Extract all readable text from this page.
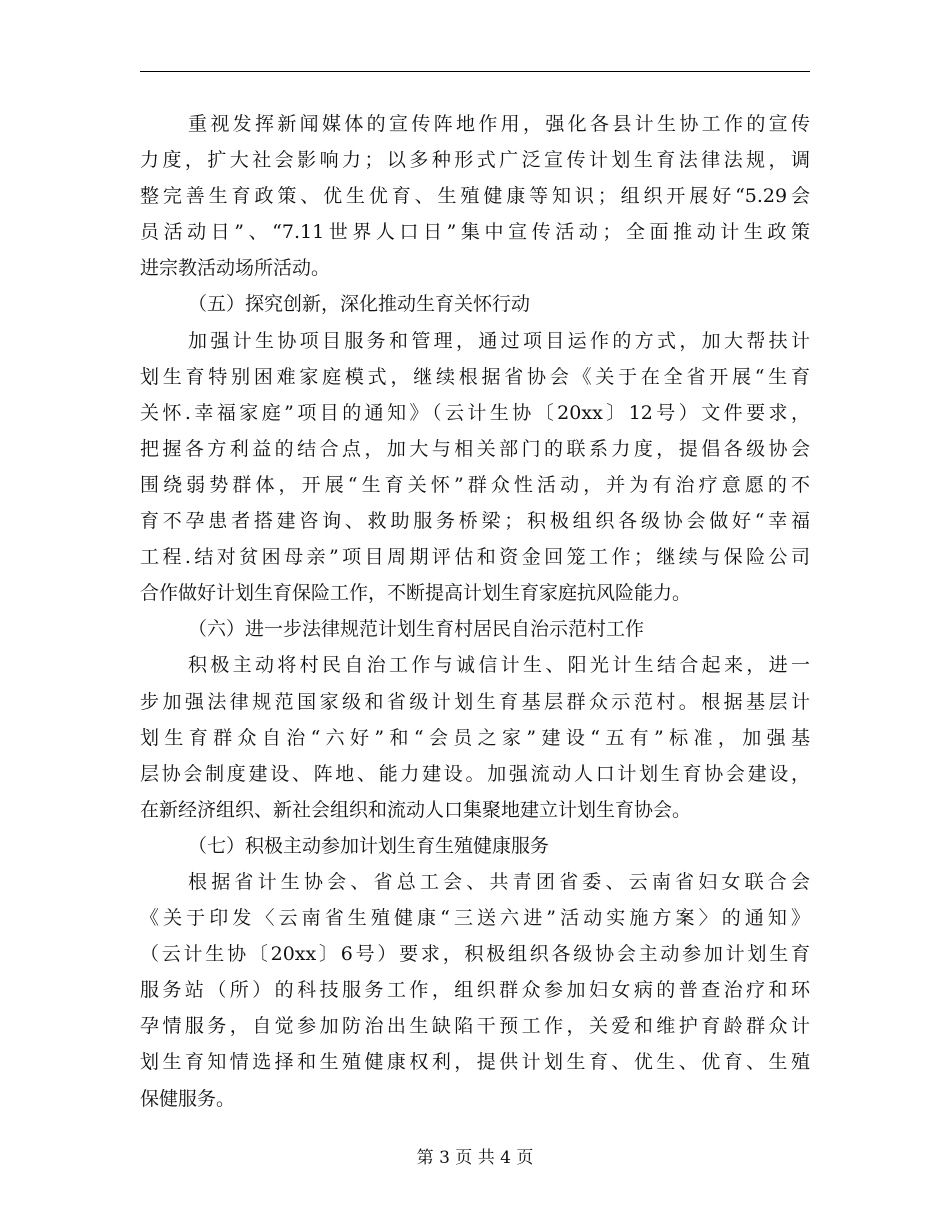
重视发挥新闻媒体的宣传阵地作用，强化各县计生协工作的宣传
力度，扩大社会影响力；以多种形式广泛宣传计划生育法律法规，调
整完善生育政策、优生优育、生殖健康等知识；组织开展好“5.29会
员活动日”、“7.11世界人口日”集中宣传活动；全面推动计生政策
进宗教活动场所活动。
（五）探究创新，深化推动生育关怀行动
加强计生协项目服务和管理，通过项目运作的方式，加大帮扶计
划生育特别困难家庭模式，继续根据省协会《关于在全省开展“生育
关怀.幸福家庭”项目的通知》（云计生协〔20xx〕12号）文件要求，
把握各方利益的结合点，加大与相关部门的联系力度，提倡各级协会
围绕弱势群体，开展“生育关怀”群众性活动，并为有治疗意愿的不
育不孕患者搭建咨询、救助服务桥梁；积极组织各级协会做好“幸福
工程.结对贫困母亲”项目周期评估和资金回笼工作；继续与保险公司
合作做好计划生育保险工作，不断提高计划生育家庭抗风险能力。
（六）进一步法律规范计划生育村居民自治示范村工作
积极主动将村民自治工作与诚信计生、阳光计生结合起来，进一
步加强法律规范国家级和省级计划生育基层群众示范村。根据基层计
划生育群众自治“六好”和“会员之家”建设“五有”标准，加强基
层协会制度建设、阵地、能力建设。加强流动人口计划生育协会建设，
在新经济组织、新社会组织和流动人口集聚地建立计划生育协会。
（七）积极主动参加计划生育生殖健康服务
根据省计生协会、省总工会、共青团省委、云南省妇女联合会
《关于印发〈云南省生殖健康“三送六进”活动实施方案〉的通知》
（云计生协〔20xx〕6号）要求，积极组织各级协会主动参加计划生育
服务站（所）的科技服务工作，组织群众参加妇女病的普查治疗和环
孕情服务，自觉参加防治出生缺陷干预工作，关爱和维护育龄群众计
划生育知情选择和生殖健康权利，提供计划生育、优生、优育、生殖
保健服务。
第 3 页 共 4 页
